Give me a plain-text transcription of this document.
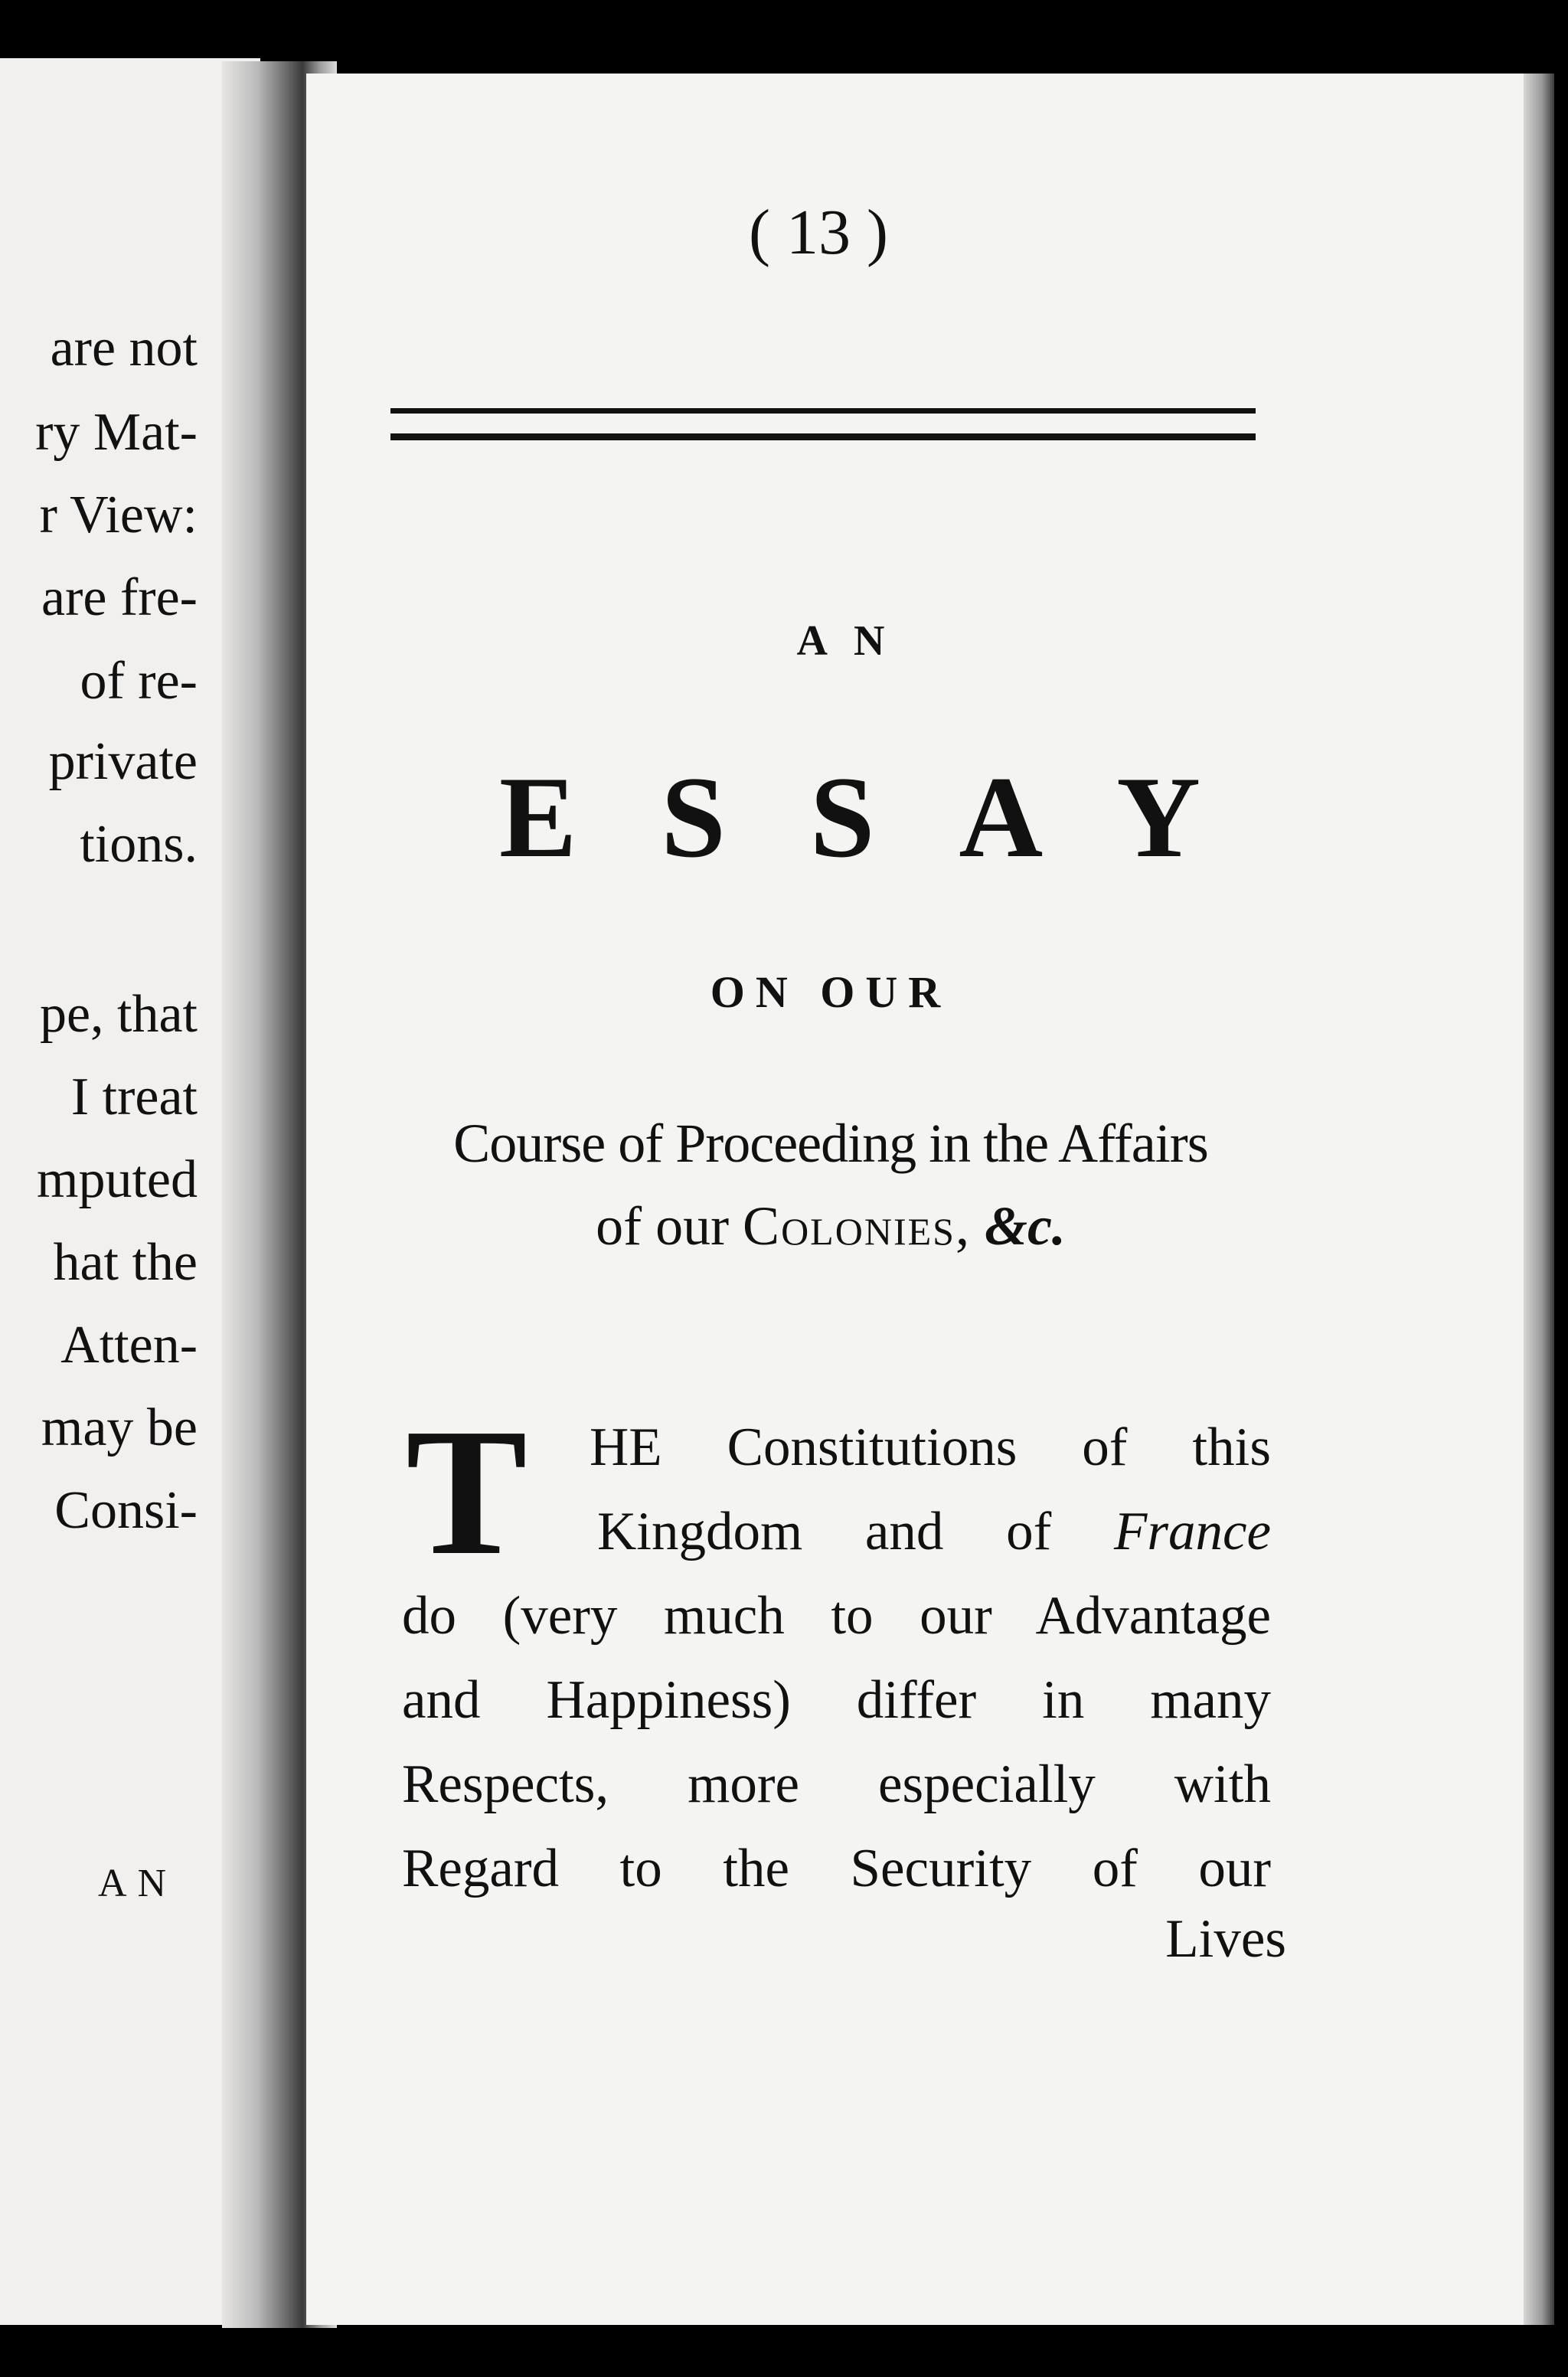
are not
ry Mat-
r View:
are fre-
of re-
private
tions.
pe, that
I treat
mputed
hat the
Atten-
may be
Consi-
AN
( 13 )
AN
ESSAY
ON OUR
Course of Proceeding in the Affairs
of our Colonies, &c.
T HE Constitutions of this
Kingdom and of France
do (very much to our Advantage
and Happiness) differ in many
Respects, more especially with
Regard to the Security of our
Lives
